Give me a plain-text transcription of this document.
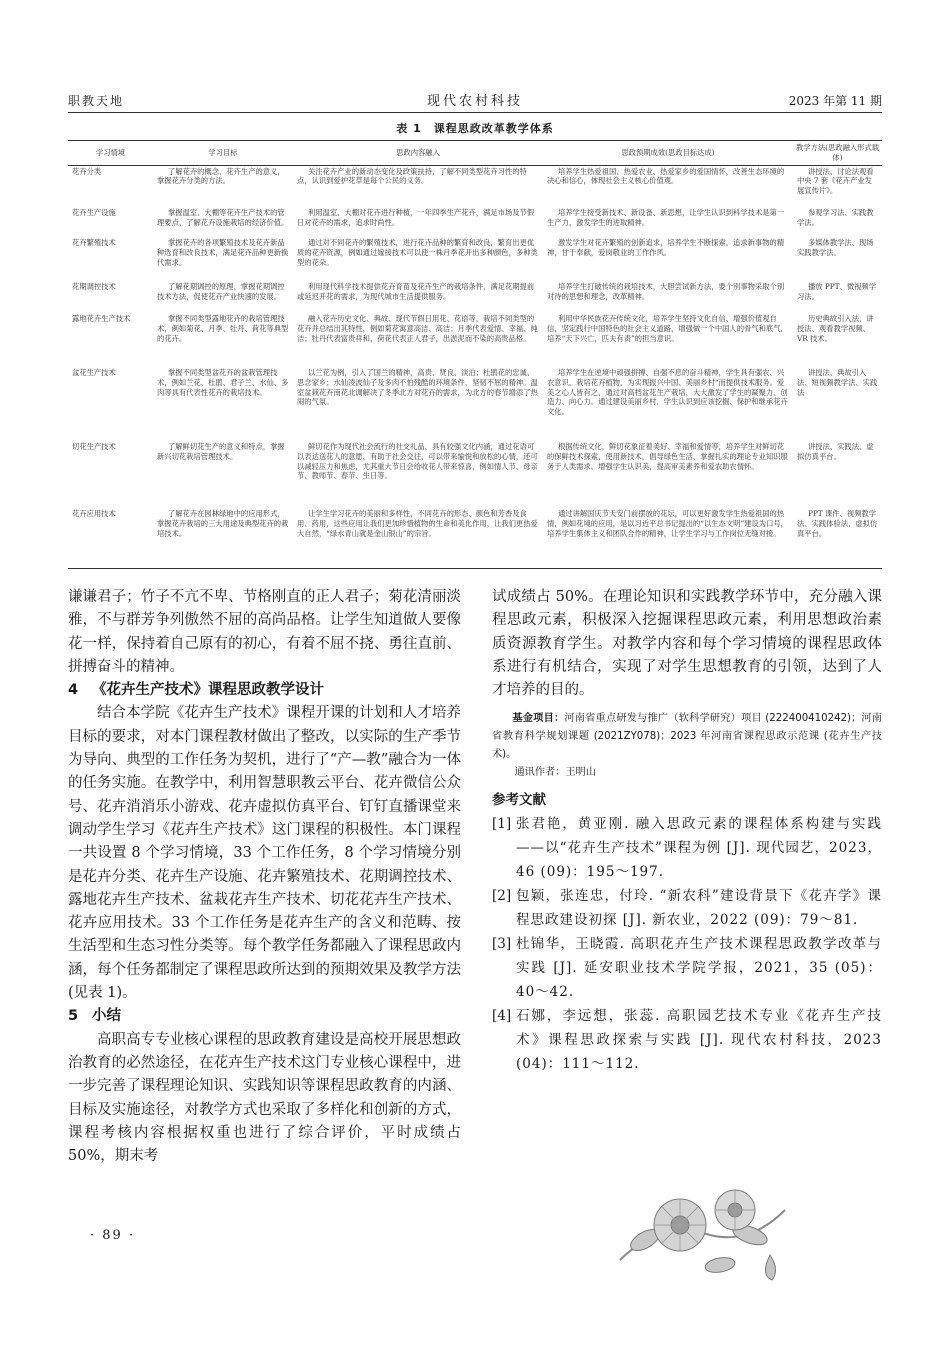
职教天地	现代农村科技	2023 年第 11 期
表 1　课程思政改革教学体系
学习情境	学习目标	思政内容融入	思政预期成效(思政目标达成)	教学方法(思政融入形式载体)
花卉分类	了解花卉的概念、花卉生产的意义，掌握花卉分类的方法。	关注花卉产业的新动态变化及政策扶持，了解不同类型花卉习性的特点，认识到爱护花草是每个公民的义务。	培养学生热爱祖国、热爱农业、热爱家乡的爱国情怀，改善生态环境的决心和信心，体现社会主义核心价值观。	讲授法、讨论法观看中央 7 套《花卉产业发展宣传片》。
花卉生产设施	掌握温室、大棚等花卉生产技术的管理要点，了解花卉设施栽培的经济价值。	利用温室、大棚对花卉进行种植，一年四季生产花卉，满足市场及节假日对花卉的需求，追求时尚性。	培养学生接受新技术、新设备、新思想，让学生认识到科学技术是第一生产力，激发学生的进取精神。	参观学习法、实践教学法。
花卉繁殖技术	掌握花卉的各项繁殖技术及花卉新品种选育和改良技术，满足花卉品种更新换代需求。	通过对不同花卉的繁殖技术，进行花卉品种的繁育和改良，繁育出更优质的花卉资源，例如通过嫁接技术可以使一株月季花开出多种颜色，多种类型的花朵。	激发学生对花卉繁殖的创新追求，培养学生不断探索，追求新事物的精神，甘于奉献，爱岗敬业的工作作风。	多媒体教学法、现场实践教学法。
花期调控技术	了解花期调控的原理，掌握花期调控技术方法，促使花卉产业快速的发展。	利用现代科学技术提供花卉育苗及花卉生产的栽培条件，满足花期提前或延迟开花的需求，为现代城市生活提供服务。	培养学生打破传统的栽培技术，大胆尝试新方法，要个别事物采取个别对待的思想和理念，改革精神。	播放 PPT、微视频学习法。
露地花卉生产技术	掌握不同类型露地花卉的栽培管理技术，例如菊花、月季、牡丹、荷花等典型的花卉。	融入花卉历史文化、典故、现代节假日用花、花语等，栽培不同类型的花卉并总结出其特性，例如菊花寓意高洁、高洁；月季代表爱情、幸福、纯洁；牡丹代表富贵祥和，荷花代表正人君子，出淤泥而不染的高贵品格。	利用中华民族花卉传统文化，培养学生坚持文化自信、增强价值观自信，坚定践行中国特色的社会主义道路，增强做一个中国人的骨气和底气，培养“天下兴亡，匹夫有责”的担当意识。	历史典故引入法、讲授法、观看教学视频、VR 技术。
盆花生产技术	掌握不同类型盆花卉的盆栽管理技术，例如兰花、杜鹃、君子兰、水仙、多肉等具有代表性花卉的栽培技术。	以兰花为例，引入了国兰的精神，高贵、贤良、淡泊；杜鹃花的忠诚、思念家乡；水仙凌波仙子及多肉不怕残酷的环境条件，坚韧不屈的精神。温室盆栽花卉南花北调解决了冬季北方对花卉的需求，为北方的春节增添了热闹的气氛。	培养学生在逆境中顽强拼搏、自强不息的奋斗精神，学生具有强农、兴农意识，栽培花卉植物，为实现振兴中国、美丽乡村“而提供技术服务。爱美之心人皆有之，通过对高档盆花生产栽培，大大激发了学生的凝聚力、创造力、向心力。通过建设美丽乡村，学生认识到应该挖掘、保护和继承花卉文化。	讲授法、典故引入法、短视频教学法、实践法
切花生产技术	了解鲜切花生产的意义和特点，掌握新兴切花栽培管理技术。	鲜切花作为现代社会流行的社交礼品，具有较强文化内涵，通过花语可以表达送花人的意愿，有助于社会交往，可以带来愉悦和放松的心情，还可以减轻压力和焦虑，尤其重大节日会给收花人带来惊喜，例如情人节、母亲节、教师节、春节、生日等。	根据传统文化，鲜切花象征着美好、幸福和爱情等，培养学生对鲜切花的保鲜技术探索，使用新技术，倡导绿色生活，掌握扎实的理论专业知识服务于人类需求。增强学生认识美，提高审美素养和爱农助农情怀。	讲授法、实践法、虚拟仿真平台。
花卉应用技术	了解花卉在园林绿地中的应用形式，掌握花卉栽培的三大用途及典型花卉的栽培技术。	让学生学习花卉的美丽和多样性，不同花卉的形态、颜色和芳香及食用、药用，这些应用让我们更加珍惜植物的生命和美化作用，让我们更热爱大自然，“绿水青山就是金山银山”的宗旨。	通过讲解国庆节天安门前摆放的花坛，可以更好激发学生热爱祖国的热情，例如花境的应用，是以习近平总书记提出的“以生态文明”建设为口号，培养学生集体主义和团队合作的精神，让学生学习与工作岗位无缝对接。	PPT 课件、视频教学法、实践体验法、虚拟仿真平台。

谦谦君子；竹子不亢不卑、节格刚直的正人君子；菊花清丽淡雅，不与群芳争列傲然不屈的高尚品格。让学生知道做人要像花一样，保持着自己原有的初心，有着不屈不挠、勇往直前、拼搏奋斗的精神。

4 《花卉生产技术》课程思政教学设计

结合本学院《花卉生产技术》课程开课的计划和人才培养目标的要求，对本门课程教材做出了整改，以实际的生产季节为导向、典型的工作任务为契机，进行了“产—教”融合为一体的任务实施。在教学中，利用智慧职教云平台、花卉微信公众号、花卉消消乐小游戏、花卉虚拟仿真平台、钉钉直播课堂来调动学生学习《花卉生产技术》这门课程的积极性。本门课程一共设置 8 个学习情境，33 个工作任务，8 个学习情境分别是花卉分类、花卉生产设施、花卉繁殖技术、花期调控技术、露地花卉生产技术、盆栽花卉生产技术、切花花卉生产技术、花卉应用技术。33 个工作任务是花卉生产的含义和范畴、按生活型和生态习性分类等。每个教学任务都融入了课程思政内涵，每个任务都制定了课程思政所达到的预期效果及教学方法(见表 1)。

5 小结

高职高专专业核心课程的思政教育建设是高校开展思想政治教育的必然途径，在花卉生产技术这门专业核心课程中，进一步完善了课程理论知识、实践知识等课程思政教育的内涵、目标及实施途径，对教学方式也采取了多样化和创新的方式，课程考核内容根据权重也进行了综合评价，平时成绩占 50%，期末考

试成绩占 50%。在理论知识和实践教学环节中，充分融入课程思政元素，积极深入挖掘课程思政元素，利用思想政治素质资源教育学生。对教学内容和每个学习情境的课程思政体系进行有机结合，实现了对学生思想教育的引领，达到了人才培养的目的。

基金项目：河南省重点研发与推广（软科学研究）项目 (222400410242)；河南省教育科学规划课题 (2021ZY078)；2023 年河南省课程思政示范课 (花卉生产技术)。

通讯作者：王明山

参考文献

[1] 张君艳，黄亚刚. 融入思政元素的课程体系构建与实践——以“花卉生产技术”课程为例 [J]. 现代园艺，2023，46 (09)：195～197.
[2] 包颖，张连忠，付玲. “新农科”建设背景下《花卉学》课程思政建设初探 [J]. 新农业，2022 (09)：79～81.
[3] 杜锦华，王晓霞. 高职花卉生产技术课程思政教学改革与实践 [J]. 延安职业技术学院学报，2021，35 (05)：40～42.
[4] 石娜，李远想，张蕊. 高职园艺技术专业《花卉生产技术》课程思政探索与实践 [J]. 现代农村科技，2023 (04)：111～112.
· 89 ·
